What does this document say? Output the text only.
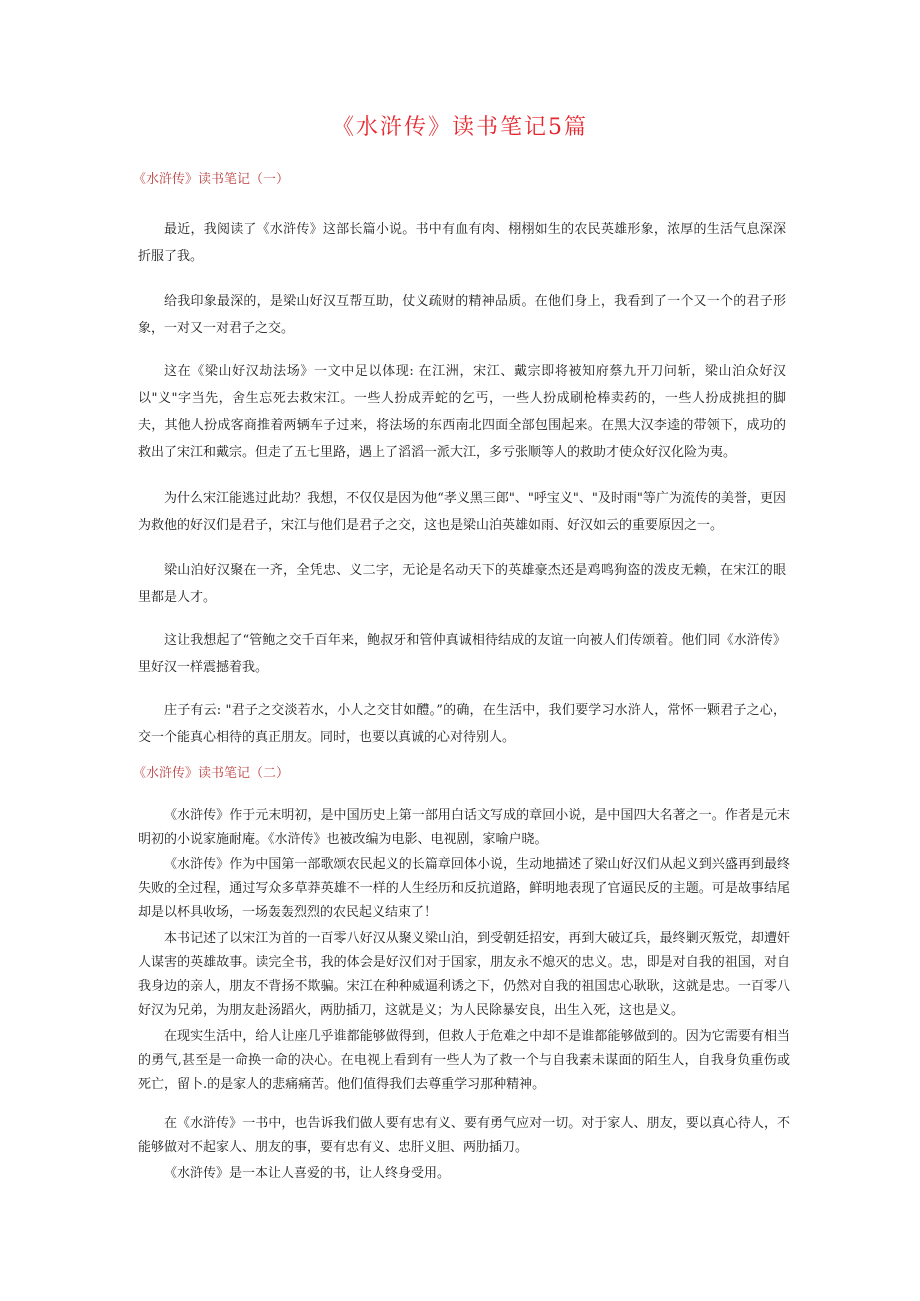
《水浒传》读书笔记5篇
《水浒传》读书笔记（一）

最近，我阅读了《水浒传》这部长篇小说。书中有血有肉、栩栩如生的农民英雄形象，浓厚的生活气息深深折服了我。

给我印象最深的，是梁山好汉互帮互助，仗义疏财的精神品质。在他们身上，我看到了一个又一个的君子形象，一对又一对君子之交。

这在《梁山好汉劫法场》一文中足以体现: 在江洲，宋江、戴宗即将被知府蔡九开刀问斩，梁山泊众好汉以"义"字当先，舍生忘死去救宋江。一些人扮成弄蛇的乞丐，一些人扮成刷枪棒卖药的，一些人扮成挑担的脚夫，其他人扮成客商推着两辆车子过来，将法场的东西南北四面全部包围起来。在黑大汉李逵的带领下，成功的救出了宋江和戴宗。但走了五七里路，遇上了滔滔一派大江，多亏张顺等人的救助才使众好汉化险为夷。

为什么宋江能逃过此劫？我想，不仅仅是因为他“孝义黑三郎"、"呼宝义"、"及时雨"等广为流传的美誉，更因为救他的好汉们是君子，宋江与他们是君子之交，这也是梁山泊英雄如雨、好汉如云的重要原因之一。

梁山泊好汉聚在一齐，全凭忠、义二字，无论是名动天下的英雄豪杰还是鸡鸣狗盗的泼皮无赖，在宋江的眼里都是人才。

这让我想起了“管鲍之交千百年来，鲍叔牙和管仲真诚相待结成的友谊一向被人们传颂着。他们同《水浒传》里好汉一样震撼着我。

庄子有云: "君子之交淡若水，小人之交甘如醴。”的确，在生活中，我们要学习水浒人，常怀一颗君子之心，交一个能真心相待的真正朋友。同时，也要以真诚的心对待别人。

《水浒传》读书笔记（二）

《水浒传》作于元末明初，是中国历史上第一部用白话文写成的章回小说，是中国四大名著之一。作者是元末明初的小说家施耐庵。《水浒传》也被改编为电影、电视剧，家喻户晓。

《水浒传》作为中国第一部歌颂农民起义的长篇章回体小说，生动地描述了梁山好汉们从起义到兴盛再到最终失败的全过程，通过写众多草莽英雄不一样的人生经历和反抗道路，鲜明地表现了官逼民反的主题。可是故事结尾却是以杯具收场，一场轰轰烈烈的农民起义结束了！

本书记述了以宋江为首的一百零八好汉从聚义梁山泊，到受朝廷招安，再到大破辽兵，最终剿灭叛党，却遭奸人谋害的英雄故事。读完全书，我的体会是好汉们对于国家，朋友永不熄灭的忠义。忠，即是对自我的祖国，对自我身边的亲人，朋友不背扬不欺骗。宋江在种种威逼利诱之下，仍然对自我的祖国忠心耿耿，这就是忠。一百零八好汉为兄弟，为朋友赴汤蹈火，两肋插刀，这就是义；为人民除暴安良，出生入死，这也是义。

在现实生活中，给人让座几乎谁都能够做得到，但救人于危难之中却不是谁都能够做到的。因为它需要有相当的勇气,甚至是一命换一命的决心。在电视上看到有一些人为了救一个与自我素未谋面的陌生人，自我身负重伤或死亡，留卜.的是家人的悲痛痛苦。他们值得我们去尊重学习那种精神。

在《水浒传》一书中，也告诉我们做人要有忠有义、要有勇气应对一切。对于家人、朋友，要以真心待人，不能够做对不起家人、朋友的事，要有忠有义、忠肝义胆、两肋插刀。

《水浒传》是一本让人喜爱的书，让人终身受用。
